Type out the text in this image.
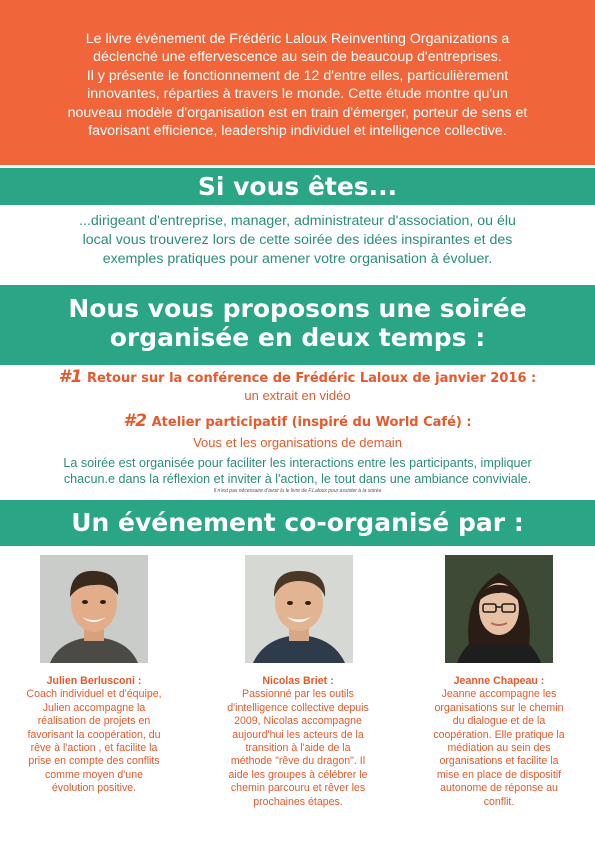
Le livre événement de Frédéric Laloux Reinventing Organizations a
déclenché une effervescence au sein de beaucoup d'entreprises.
Il y présente le fonctionnement de 12 d'entre elles, particulièrement
innovantes, réparties à travers le monde. Cette étude montre qu'un
nouveau modèle d'organisation est en train d'émerger, porteur de sens et
favorisant efficience, leadership individuel et intelligence collective.
Si vous êtes...
...dirigeant d'entreprise, manager, administrateur d'association, ou élu
local vous trouverez lors de cette soirée des idées inspirantes et des
exemples pratiques pour amener votre organisation à évoluer.
Nous vous proposons une soirée
organisée en deux temps :
#1 Retour sur la conférence de Frédéric Laloux de janvier 2016 :
un extrait en vidéo
#2 Atelier participatif (inspiré du World Café) :
Vous et les organisations de demain
La soirée est organisée pour faciliter les interactions entre les participants, impliquer
chacun.e dans la réflexion et inviter à l'action, le tout dans une ambiance conviviale.
Il n'est pas nécessaire d'avoir lu le livre de F.Laloux pour assister à la soirée
Un événement co-organisé par :
Julien Berlusconi :
Coach individuel et d'équipe,
Julien accompagne la
réalisation de projets en
favorisant la coopération, du
rêve à l'action , et facilite la
prise en compte des conflits
comme moyen d'une
évolution positive.
Nicolas Briet :
Passionné par les outils
d'intelligence collective depuis
2009, Nicolas accompagne
aujourd'hui les acteurs de la
transition à l'aide de la
méthode "rêve du dragon". Il
aide les groupes à célébrer le
chemin parcouru et rêver les
prochaines étapes.
Jeanne Chapeau :
Jeanne accompagne les
organisations sur le chemin
du dialogue et de la
coopération. Elle pratique la
médiation au sein des
organisations et facilite la
mise en place de dispositif
autonome de réponse au
conflit.
